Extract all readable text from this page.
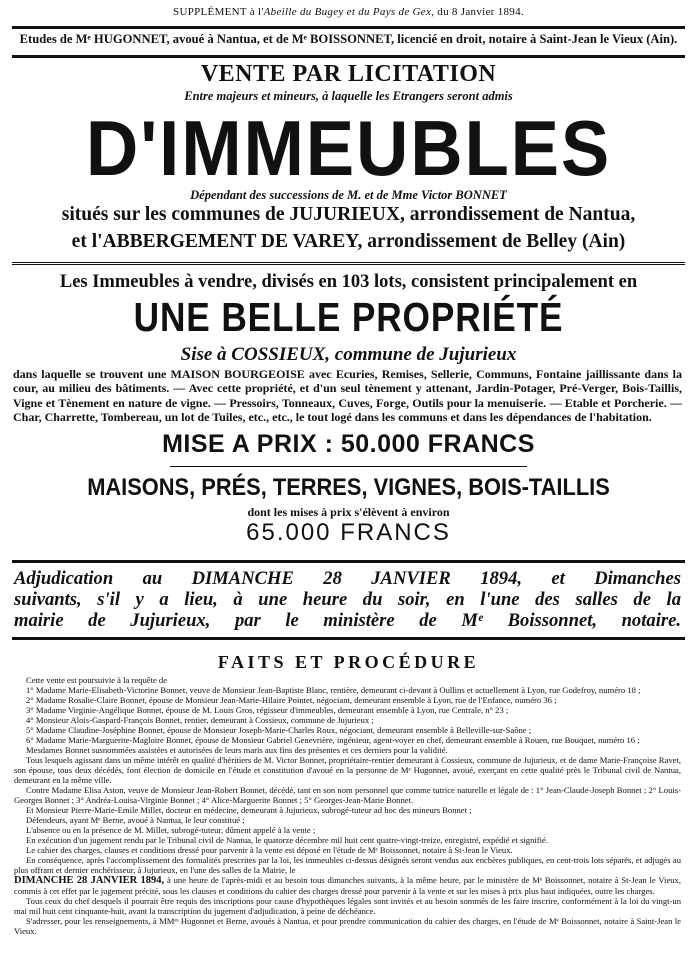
SUPPLÉMENT à l'Abeille du Bugey et du Pays de Gex, du 8 Janvier 1894.
Etudes de Mᵉ HUGONNET, avoué à Nantua, et de Mᵉ BOISSONNET, licencié en droit, notaire à Saint-Jean le Vieux (Ain).
VENTE PAR LICITATION
Entre majeurs et mineurs, à laquelle les Etrangers seront admis
D'IMMEUBLES
Dépendant des successions de M. et de Mme Victor BONNET
situés sur les communes de JUJURIEUX, arrondissement de Nantua,
et l'ABBERGEMENT DE VAREY, arrondissement de Belley (Ain)
Les Immeubles à vendre, divisés en 103 lots, consistent principalement en
UNE BELLE PROPRIÉTÉ
Sise à COSSIEUX, commune de Jujurieux
dans laquelle se trouvent une MAISON BOURGEOISE avec Ecuries, Remises, Sellerie, Communs, Fontaine jaillissante dans la cour, au milieu des bâtiments. — Avec cette propriété, et d'un seul tènement y attenant, Jardin-Potager, Pré-Verger, Bois-Taillis, Vigne et Tènement en nature de vigne. — Pressoirs, Tonneaux, Cuves, Forge, Outils pour la menuiserie. — Etable et Porcherie. — Char, Charrette, Tombereau, un lot de Tuiles, etc., etc., le tout logé dans les communs et dans les dépendances de l'habitation.
MISE A PRIX : 50.000 FRANCS
MAISONS, PRÉS, TERRES, VIGNES, BOIS-TAILLIS
dont les mises à prix s'élèvent à environ
65.000 FRANCS
Adjudication au DIMANCHE 28 JANVIER 1894, et Dimanches
suivants, s'il y a lieu, à une heure du soir, en l'une des salles de la
mairie de Jujurieux, par le ministère de Mᵉ Boissonnet, notaire.
FAITS ET PROCÉDURE

Cette vente est poursuivie à la requête de

1° Madame Marie-Elisabeth-Victorine Bonnet, veuve de Monsieur Jean-Baptiste Blanc, rentière, demeurant ci-devant à Oullins et actuellement à Lyon, rue Godefroy, numéro 18 ;

2° Madame Rosalie-Claire Bonnet, épouse de Monsieur Jean-Marie-Hilaire Pointet, négociant, demeurant ensemble à Lyon, rue de l'Enfance, numéro 36 ;

3° Madame Virginie-Angélique Bonnet, épouse de M. Louis Gros, régisseur d'immeubles, demeurant ensemble à Lyon, rue Centrale, n° 23 ;

4° Monsieur Alois-Gaspard-François Bonnet, rentier, demeurant à Cossieux, commune de Jujurieux ;

5° Madame Claudine-Joséphine Bonnet, épouse de Monsieur Joseph-Marie-Charles Roux, négociant, demeurant ensemble à Belleville-sur-Saône ;

6° Madame Marie-Marguerite-Magloire Bonnet, épouse de Monsieur Gabriel Genevrière, ingénieur, agent-voyer en chef, demeurant ensemble à Rouen, rue Bouquet, numéro 16 ;

Mesdames Bonnet susnommées assistées et autorisées de leurs maris aux fins des présentes et ces derniers pour la validité.

Tous lesquels agissant dans un même intérêt en qualité d'héritiers de M. Victor Bonnet, propriétaire-rentier demeurant à Cossieux, commune de Jujurieux, et de dame Marie-Françoise Ravet, son épouse, tous deux décédés, font élection de domicile en l'étude et constitution d'avoué en la personne de Mᵉ Hugonnet, avoué, exerçant en cette qualité près le Tribunal civil de Nantua, demeurant en la même ville.

Contre Madame Elisa Aston, veuve de Monsieur Jean-Robert Bonnet, décédé, tant en son nom personnel que comme tutrice naturelle et légale de : 1° Jean-Claude-Joseph Bonnet ; 2° Louis-Georges Bonnet ; 3° Andréa-Louisa-Virginie Bonnet ; 4° Alice-Marguerite Bonnet ; 5° Georges-Jean-Marie Bonnet.

Et Monsieur Pierre-Marie-Emile Millet, docteur en médecine, demeurant à Jujurieux, subrogé-tuteur ad hoc des mineurs Bonnet ;

Défendeurs, ayant Mᵉ Berne, avoué à Nantua, le leur constitué ;

L'absence ou en la présence de M. Millet, subrogé-tuteur, dûment appelé à la vente ;

En exécution d'un jugement rendu par le Tribunal civil de Nantua, le quatorze décembre mil huit cent quatre-vingt-treize, enregistré, expédié et signifié.

Le cahier des charges, clauses et conditions dressé pour parvenir à la vente est déposé en l'étude de Mᵉ Boissonnet, notaire à St-Jean le Vieux.

En conséquence, après l'accomplissement des formalités prescrites par la loi, les immeubles ci-dessus désignés seront vendus aux enchères publiques, en cent-trois lots séparés, et adjugés au plus offrant et dernier enchérisseur, à Jujurieux, en l'une des salles de la Mairie, le

DIMANCHE 28 JANVIER 1894, à une heure de l'après-midi et au besoin tous dimanches suivants, à la même heure, par le ministère de Mᵉ Boissonnet, notaire à St-Jean le Vieux, commis à cet effet par le jugement précité, sous les clauses et conditions du cahier des charges dressé pour parvenir à la vente et sur les mises à prix plus haut indiquées, outre les charges.

Tous ceux du chef desquels il pourrait être requis des inscriptions pour cause d'hypothèques légales sont invités et au besoin sommés de les faire inscrire, conformément à la loi du vingt-un mai mil huit cent cinquante-huit, avant la transcription du jugement d'adjudication, à peine de déchéance.

S'adresser, pour les renseignements, à MMᵉˢ Hugonnet et Berne, avoués à Nantua, et pour prendre communication du cahier des charges, en l'étude de Mᵉ Boissonnet, notaire à Saint-Jean le Vieux.
